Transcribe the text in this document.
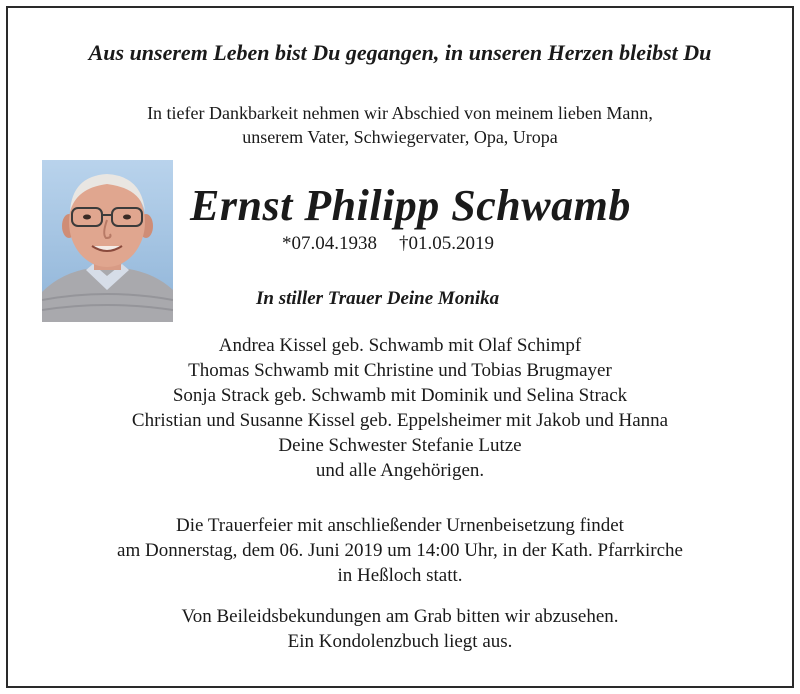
Aus unserem Leben bist Du gegangen, in unseren Herzen bleibst Du
In tiefer Dankbarkeit nehmen wir Abschied von meinem lieben Mann,
unserem Vater, Schwiegervater, Opa, Uropa
Ernst Philipp Schwamb
*07.04.1938 †01.05.2019
In stiller Trauer Deine Monika
Andrea Kissel geb. Schwamb mit Olaf Schimpf
Thomas Schwamb mit Christine und Tobias Brugmayer
Sonja Strack geb. Schwamb mit Dominik und Selina Strack
Christian und Susanne Kissel geb. Eppelsheimer mit Jakob und Hanna
Deine Schwester Stefanie Lutze
und alle Angehörigen.
Die Trauerfeier mit anschließender Urnenbeisetzung findet
am Donnerstag, dem 06. Juni 2019 um 14:00 Uhr, in der Kath. Pfarrkirche
in Heßloch statt.
Von Beileidsbekundungen am Grab bitten wir abzusehen.
Ein Kondolenzbuch liegt aus.
